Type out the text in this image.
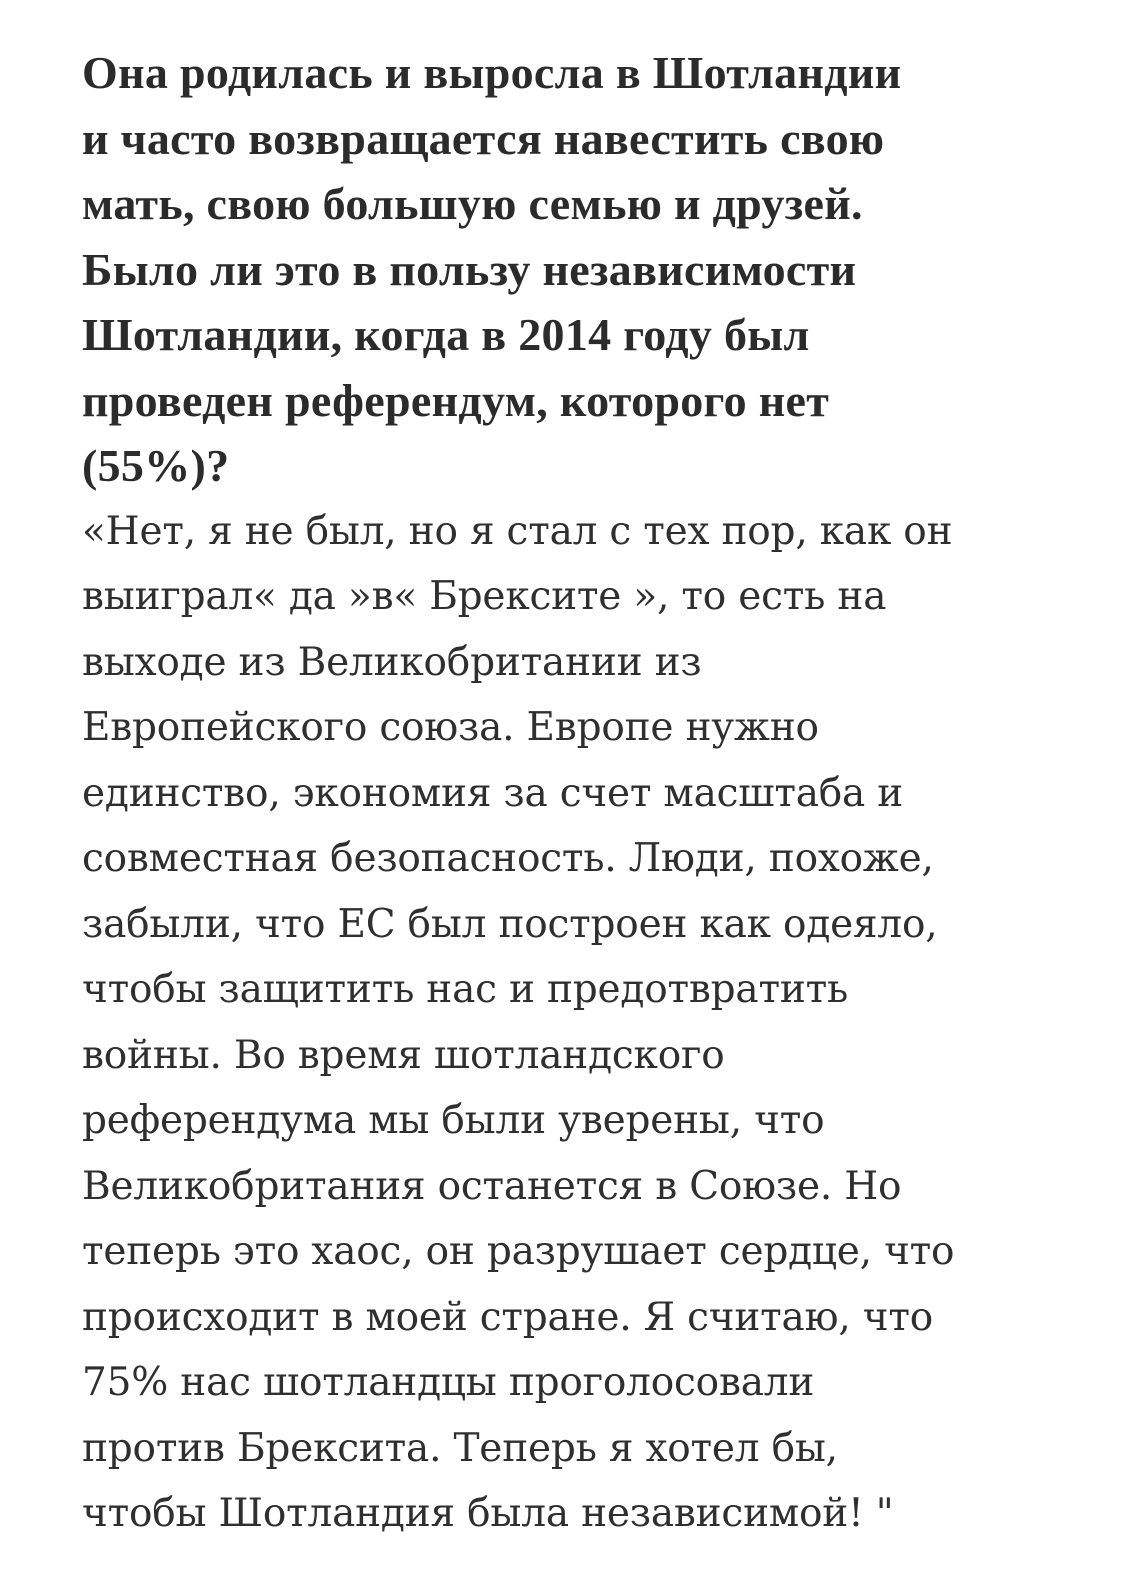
Она родилась и выросла в Шотландии
и часто возвращается навестить свою
мать, свою большую семью и друзей.
Было ли это в пользу независимости
Шотландии, когда в 2014 году был
проведен референдум, которого нет
(55%)?

«Нет, я не был, но я стал с тех пор, как он
выиграл« да »в« Брексите », то есть на
выходе из Великобритании из
Европейского союза. Европе нужно
единство, экономия за счет масштаба и
совместная безопасность. Люди, похоже,
забыли, что ЕС был построен как одеяло,
чтобы защитить нас и предотвратить
войны. Во время шотландского
референдума мы были уверены, что
Великобритания останется в Союзе. Но
теперь это хаос, он разрушает сердце, что
происходит в моей стране. Я считаю, что
75% нас шотландцы проголосовали
против Брексита. Теперь я хотел бы,
чтобы Шотландия была независимой! "
